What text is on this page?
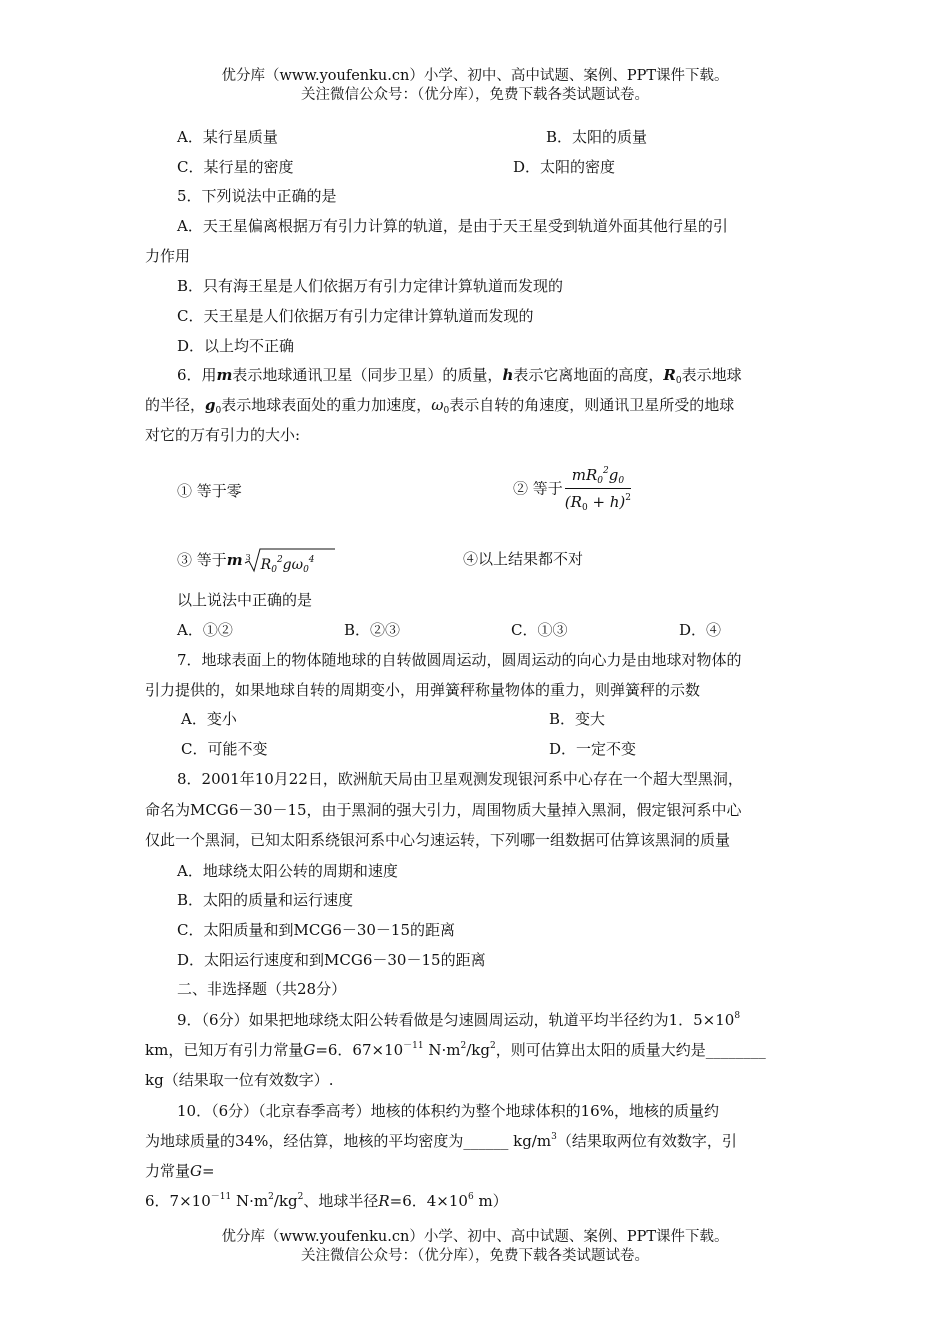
优分库（www.youfenku.cn）小学、初中、高中试题、案例、PPT课件下载。
关注微信公众号：（优分库），免费下载各类试题试卷。
A．某行星质量	B．太阳的质量
C．某行星的密度	D．太阳的密度
5．下列说法中正确的是
A．天王星偏离根据万有引力计算的轨道，是由于天王星受到轨道外面其他行星的引
力作用
B．只有海王星是人们依据万有引力定律计算轨道而发现的
C．天王星是人们依据万有引力定律计算轨道而发现的
D．以上均不正确
6．用m表示地球通讯卫星（同步卫星）的质量，h表示它离地面的高度，$R_0$表示地球
的半径，$g_0$表示地球表面处的重力加速度，$\omega_0$表示自转的角速度，则通讯卫星所受的地球
对它的万有引力的大小:
① 等于零	② 等于 $\frac{mR_0^2g_0}{(R_0 + h)^2}$
③ 等于m 3 $R_0^2g\omega_0^4$	④以上结果都不对
以上说法中正确的是
A．①②	B．②③	C．①③	D．④
7．地球表面上的物体随地球的自转做圆周运动，圆周运动的向心力是由地球对物体的
引力提供的，如果地球自转的周期变小，用弹簧秤称量物体的重力，则弹簧秤的示数
A．变小	B．变大
C．可能不变	D．一定不变
8．2001年10月22日，欧洲航天局由卫星观测发现银河系中心存在一个超大型黑洞，
命名为MCG6－30－15，由于黑洞的强大引力，周围物质大量掉入黑洞，假定银河系中心
仅此一个黑洞，已知太阳系绕银河系中心匀速运转，下列哪一组数据可估算该黑洞的质量
A．地球绕太阳公转的周期和速度
B．太阳的质量和运行速度
C．太阳质量和到MCG6－30－15的距离
D．太阳运行速度和到MCG6－30－15的距离
二、非选择题（共28分）
9．（6分）如果把地球绕太阳公转看做是匀速圆周运动，轨道平均半径约为1．$5\times 10^8$
km，已知万有引力常量G=6．$67\times 10^{-11}$ $N\cdot m^2/kg^2$，则可估算出太阳的质量大约是________
kg（结果取一位有效数字）.
10．（6分）（北京春季高考）地核的体积约为整个地球体积的16%，地核的质量约
为地球质量的34%，经估算，地核的平均密度为______ $kg/m^3$（结果取两位有效数字，引
力常量G=
6．$7\times 10^{-11}$ $N\cdot m^2/kg^2$、地球半径R=6．$4\times 10^6$ m）
优分库（www.youfenku.cn）小学、初中、高中试题、案例、PPT课件下载。
关注微信公众号：（优分库），免费下载各类试题试卷。
